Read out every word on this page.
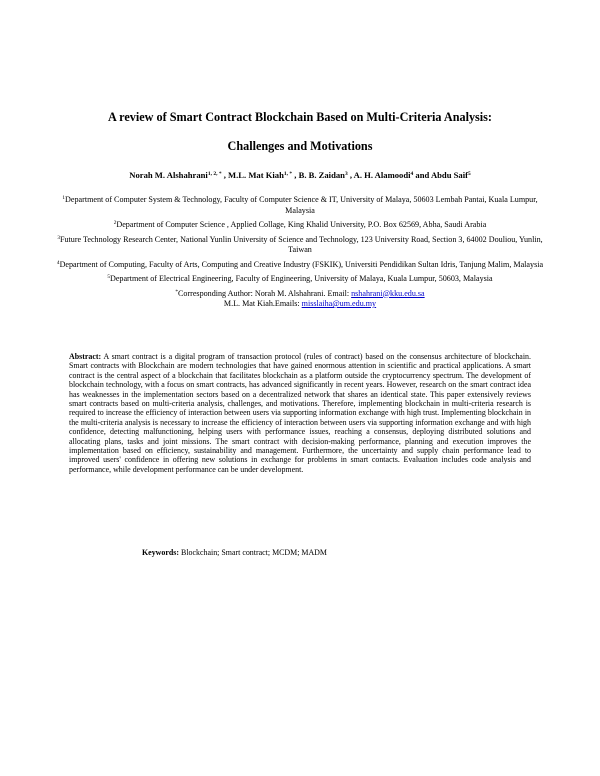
A review of Smart Contract Blockchain Based on Multi-Criteria Analysis:
Challenges and Motivations
Norah M. Alshahrani$^{1, 2, *}$ , M.L. Mat Kiah$^{1, *}$ , B. B. Zaidan$^3$ , A. H. Alamoodi$^4$ and Abdu Saif$^5$

$^1$Department of Computer System & Technology, Faculty of Computer Science & IT, University of Malaya, 50603 Lembah Pantai, Kuala Lumpur, Malaysia

$^2$Department of Computer Science , Applied Collage, King Khalid University, P.O. Box 62569, Abha, Saudi Arabia

$^3$Future Technology Research Center, National Yunlin University of Science and Technology, 123 University Road, Section 3, 64002 Douliou, Yunlin, Taiwan

$^4$Department of Computing, Faculty of Arts, Computing and Creative Industry (FSKIK), Universiti Pendidikan Sultan Idris, Tanjung Malim, Malaysia

$^5$Department of Electrical Engineering, Faculty of Engineering, University of Malaya, Kuala Lumpur, 50603, Malaysia

*Corresponding Author: Norah M. Alshahrani. Email: nshahrani@kku.edu.sa

M.L. Mat Kiah.Emails: misslaiha@um.edu.my

Abstract: A smart contract is a digital program of transaction protocol (rules of contract) based on the consensus architecture of blockchain. Smart contracts with Blockchain are modern technologies that have gained enormous attention in scientific and practical applications. A smart contract is the central aspect of a blockchain that facilitates blockchain as a platform outside the cryptocurrency spectrum. The development of blockchain technology, with a focus on smart contracts, has advanced significantly in recent years. However, research on the smart contract idea has weaknesses in the implementation sectors based on a decentralized network that shares an identical state. This paper extensively reviews smart contracts based on multi-criteria analysis, challenges, and motivations. Therefore, implementing blockchain in multi-criteria research is required to increase the efficiency of interaction between users via supporting information exchange with high trust. Implementing blockchain in the multi-criteria analysis is necessary to increase the efficiency of interaction between users via supporting information exchange and with high confidence, detecting malfunctioning, helping users with performance issues, reaching a consensus, deploying distributed solutions and allocating plans, tasks and joint missions. The smart contract with decision-making performance, planning and execution improves the implementation based on efficiency, sustainability and management. Furthermore, the uncertainty and supply chain performance lead to improved users' confidence in offering new solutions in exchange for problems in smart contacts. Evaluation includes code analysis and performance, while development performance can be under development.

Keywords: Blockchain; Smart contract; MCDM; MADM
